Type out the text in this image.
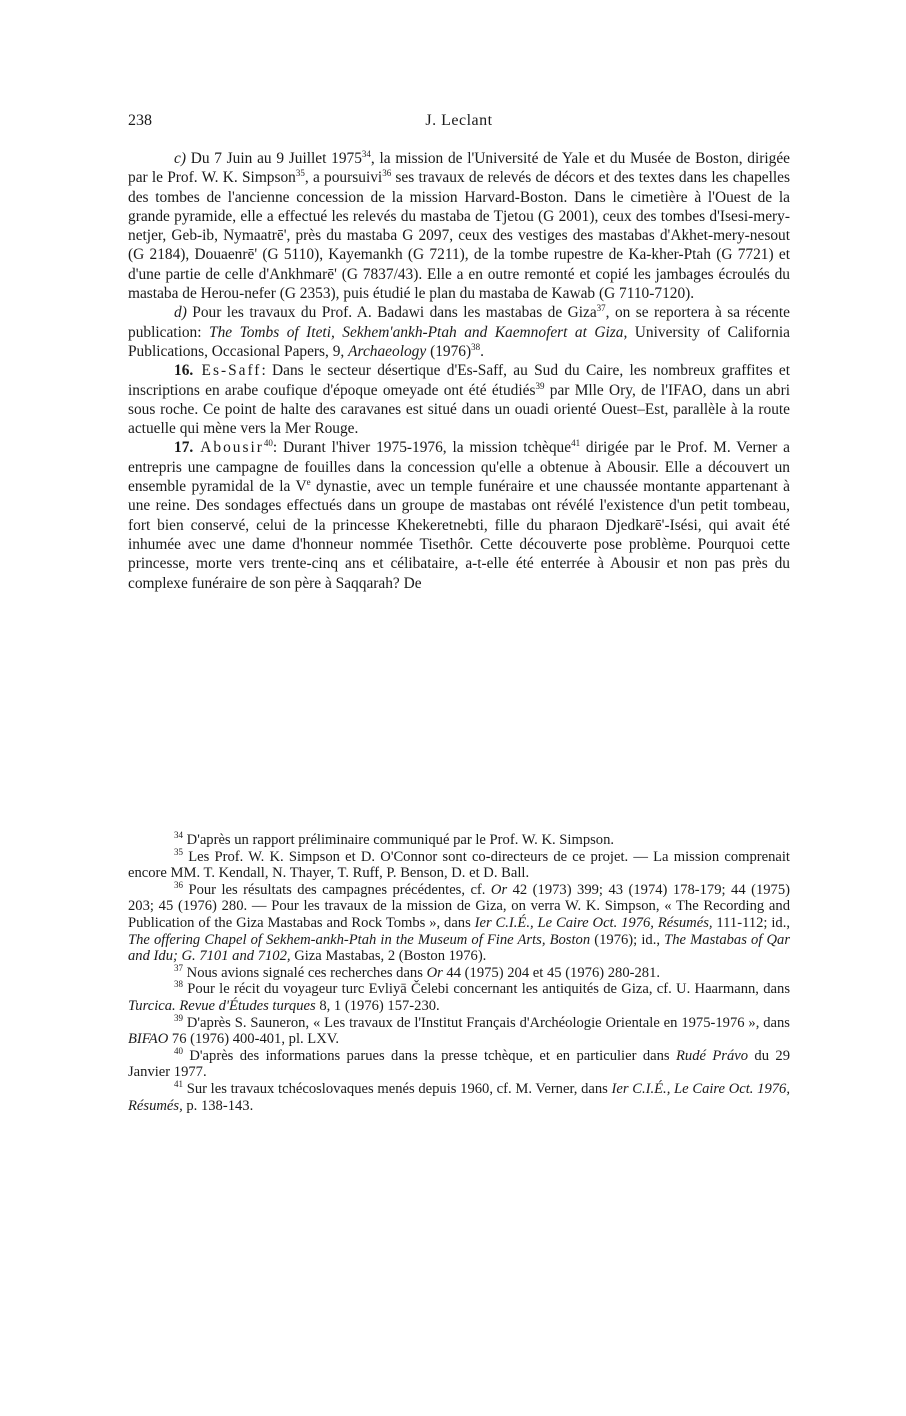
238	J. Leclant

c) Du 7 Juin au 9 Juillet 1975$^{34}$, la mission de l'Université de Yale et du Musée de Boston, dirigée par le Prof. W. K. Simpson$^{35}$, a poursuivi$^{36}$ ses travaux de relevés de décors et des textes dans les chapelles des tombes de l'ancienne concession de la mission Harvard-Boston. Dans le cimetière à l'Ouest de la grande pyramide, elle a effectué les relevés du mastaba de Tjetou (G 2001), ceux des tombes d'Isesi-mery-netjer, Geb-ib, Nymaatrē', près du mastaba G 2097, ceux des vestiges des mastabas d'Akhet-mery-nesout (G 2184), Douaenrē' (G 5110), Kayemankh (G 7211), de la tombe rupestre de Ka-kher-Ptah (G 7721) et d'une partie de celle d'Ankhmarē' (G 7837/43). Elle a en outre remonté et copié les jambages écroulés du mastaba de Herou-nefer (G 2353), puis étudié le plan du mastaba de Kawab (G 7110-7120).

d) Pour les travaux du Prof. A. Badawi dans les mastabas de Giza$^{37}$, on se reportera à sa récente publication: The Tombs of Iteti, Sekhem'ankh-Ptah and Kaemnofert at Giza, University of California Publications, Occasional Papers, 9, Archaeology $(1976)^{38}$.

16. Es-Saff: Dans le secteur désertique d'Es-Saff, au Sud du Caire, les nombreux graffites et inscriptions en arabe coufique d'époque omeyade ont été étudiés$^{39}$ par Mlle Ory, de l'IFAO, dans un abri sous roche. Ce point de halte des caravanes est situé dans un ouadi orienté Ouest–Est, parallèle à la route actuelle qui mène vers la Mer Rouge.

17. Abousir$^{40}$: Durant l'hiver 1975-1976, la mission tchèque$^{41}$ dirigée par le Prof. M. Verner a entrepris une campagne de fouilles dans la concession qu'elle a obtenue à Abousir. Elle a découvert un ensemble pyramidal de la Ve dynastie, avec un temple funéraire et une chaussée montante appartenant à une reine. Des sondages effectués dans un groupe de mastabas ont révélé l'existence d'un petit tombeau, fort bien conservé, celui de la princesse Khekeretnebti, fille du pharaon Djedkarē'-Isési, qui avait été inhumée avec une dame d'honneur nommée Tisethôr. Cette découverte pose problème. Pourquoi cette princesse, morte vers trente-cinq ans et célibataire, a-t-elle été enterrée à Abousir et non pas près du complexe funéraire de son père à Saqqarah? De

$^{34}$ D'après un rapport préliminaire communiqué par le Prof. W. K. Simpson.

$^{35}$ Les Prof. W. K. Simpson et D. O'Connor sont co-directeurs de ce projet. — La mission comprenait encore MM. T. Kendall, N. Thayer, T. Ruff, P. Benson, D. et D. Ball.

$^{36}$ Pour les résultats des campagnes précédentes, cf. Or 42 (1973) 399; 43 (1974) 178-179; 44 (1975) 203; 45 (1976) 280. — Pour les travaux de la mission de Giza, on verra W. K. Simpson, « The Recording and Publication of the Giza Mastabas and Rock Tombs », dans Ier C.I.É., Le Caire Oct. 1976, Résumés, 111-112; id., The offering Chapel of Sekhem-ankh-Ptah in the Museum of Fine Arts, Boston (1976); id., The Mastabas of Qar and Idu; G. 7101 and 7102, Giza Mastabas, 2 (Boston 1976).

$^{37}$ Nous avions signalé ces recherches dans Or 44 (1975) 204 et 45 (1976) 280-281.

$^{38}$ Pour le récit du voyageur turc Evliyā Čelebi concernant les antiquités de Giza, cf. U. Haarmann, dans Turcica. Revue d'Études turques 8, 1 (1976) 157-230.

$^{39}$ D'après S. Sauneron, « Les travaux de l'Institut Français d'Archéologie Orientale en 1975-1976 », dans BIFAO 76 (1976) 400-401, pl. LXV.

$^{40}$ D'après des informations parues dans la presse tchèque, et en particulier dans Rudé Právo du 29 Janvier 1977.

$^{41}$ Sur les travaux tchécoslovaques menés depuis 1960, cf. M. Verner, dans Ier C.I.É., Le Caire Oct. 1976, Résumés, p. 138-143.
